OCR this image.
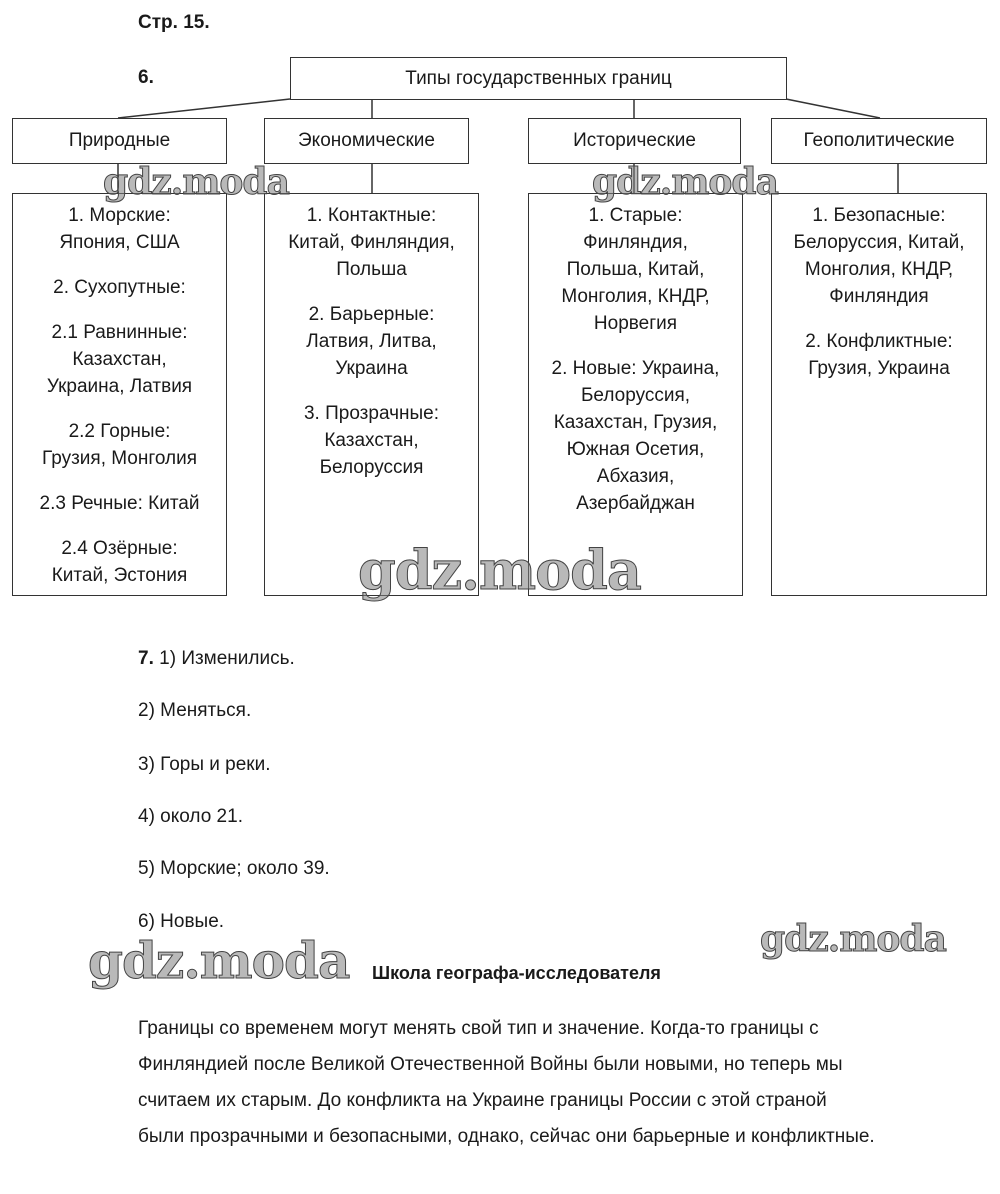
Стр. 15.
6.	Типы государственных границ
Природные	Экономические	Исторические	Геополитические
1. Морские:
Япония, США
2. Сухопутные:
2.1 Равнинные:
Казахстан,
Украина, Латвия
2.2 Горные:
Грузия, Монголия
2.3 Речные: Китай
2.4 Озёрные:
Китай, Эстония
1. Контактные:
Китай, Финляндия,
Польша
2. Барьерные:
Латвия, Литва,
Украина
3. Прозрачные:
Казахстан,
Белоруссия
1. Старые:
Финляндия,
Польша, Китай,
Монголия, КНДР,
Норвегия
2. Новые: Украина,
Белоруссия,
Казахстан, Грузия,
Южная Осетия,
Абхазия,
Азербайджан
1. Безопасные:
Белоруссия, Китай,
Монголия, КНДР,
Финляндия
2. Конфликтные:
Грузия, Украина
7. 1) Изменились.
2) Меняться.
3) Горы и реки.
4) около 21.
5) Морские; около 39.
6) Новые.
Школа географа-исследователя
Границы со временем могут менять свой тип и значение. Когда-то границы с
Финляндией после Великой Отечественной Войны были новыми, но теперь мы
считаем их старым. До конфликта на Украине границы России с этой страной
были прозрачными и безопасными, однако, сейчас они барьерные и конфликтные.
gdz.moda	gdz.moda
gdz.moda
gdz.moda
gdz.moda
